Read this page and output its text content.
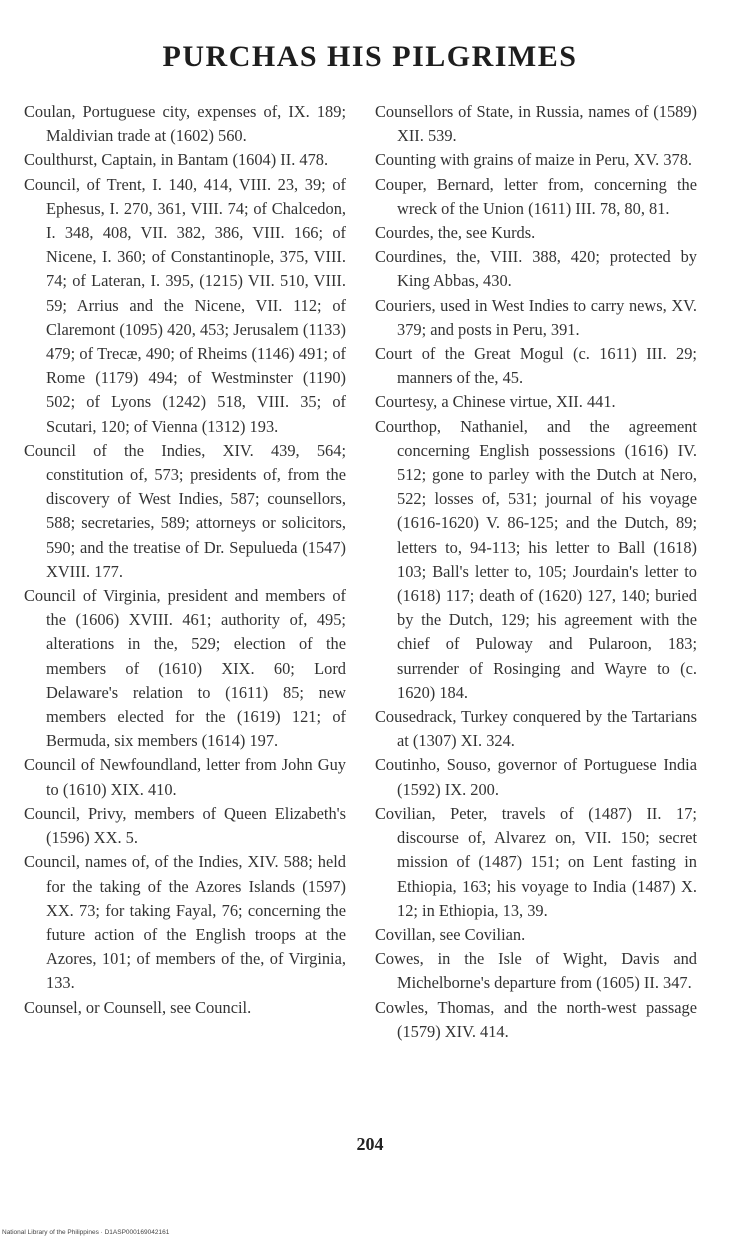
PURCHAS HIS PILGRIMES

Coulan, Portuguese city, expenses of, IX. 189; Maldivian trade at (1602) 560.

Coulthurst, Captain, in Bantam (1604) II. 478.

Council, of Trent, I. 140, 414, VIII. 23, 39; of Ephesus, I. 270, 361, VIII. 74; of Chalcedon, I. 348, 408, VII. 382, 386, VIII. 166; of Nicene, I. 360; of Constantinople, 375, VIII. 74; of Lateran, I. 395, (1215) VII. 510, VIII. 59; Arrius and the Nicene, VII. 112; of Claremont (1095) 420, 453; Jerusalem (1133) 479; of Trecæ, 490; of Rheims (1146) 491; of Rome (1179) 494; of Westminster (1190) 502; of Lyons (1242) 518, VIII. 35; of Scutari, 120; of Vienna (1312) 193.

Council of the Indies, XIV. 439, 564; constitution of, 573; presidents of, from the discovery of West Indies, 587; counsellors, 588; secretaries, 589; attorneys or solicitors, 590; and the treatise of Dr. Sepulueda (1547) XVIII. 177.

Council of Virginia, president and members of the (1606) XVIII. 461; authority of, 495; alterations in the, 529; election of the members of (1610) XIX. 60; Lord Delaware's relation to (1611) 85; new members elected for the (1619) 121; of Bermuda, six members (1614) 197.

Council of Newfoundland, letter from John Guy to (1610) XIX. 410.

Council, Privy, members of Queen Elizabeth's (1596) XX. 5.

Council, names of, of the Indies, XIV. 588; held for the taking of the Azores Islands (1597) XX. 73; for taking Fayal, 76; concerning the future action of the English troops at the Azores, 101; of members of the, of Virginia, 133.

Counsel, or Counsell, see Council.

Counsellors of State, in Russia, names of (1589) XII. 539.

Counting with grains of maize in Peru, XV. 378.

Couper, Bernard, letter from, concerning the wreck of the Union (1611) III. 78, 80, 81.

Courdes, the, see Kurds.

Courdines, the, VIII. 388, 420; protected by King Abbas, 430.

Couriers, used in West Indies to carry news, XV. 379; and posts in Peru, 391.

Court of the Great Mogul (c. 1611) III. 29; manners of the, 45.

Courtesy, a Chinese virtue, XII. 441.

Courthop, Nathaniel, and the agreement concerning English possessions (1616) IV. 512; gone to parley with the Dutch at Nero, 522; losses of, 531; journal of his voyage (1616-1620) V. 86-125; and the Dutch, 89; letters to, 94-113; his letter to Ball (1618) 103; Ball's letter to, 105; Jourdain's letter to (1618) 117; death of (1620) 127, 140; buried by the Dutch, 129; his agreement with the chief of Puloway and Pularoon, 183; surrender of Rosinging and Wayre to (c. 1620) 184.

Cousedrack, Turkey conquered by the Tartarians at (1307) XI. 324.

Coutinho, Souso, governor of Portuguese India (1592) IX. 200.

Covilian, Peter, travels of (1487) II. 17; discourse of, Alvarez on, VII. 150; secret mission of (1487) 151; on Lent fasting in Ethiopia, 163; his voyage to India (1487) X. 12; in Ethiopia, 13, 39.

Covillan, see Covilian.

Cowes, in the Isle of Wight, Davis and Michelborne's departure from (1605) II. 347.

Cowles, Thomas, and the north-west passage (1579) XIV. 414.

204
National Library of the Philippines · D1ASP000169042161
